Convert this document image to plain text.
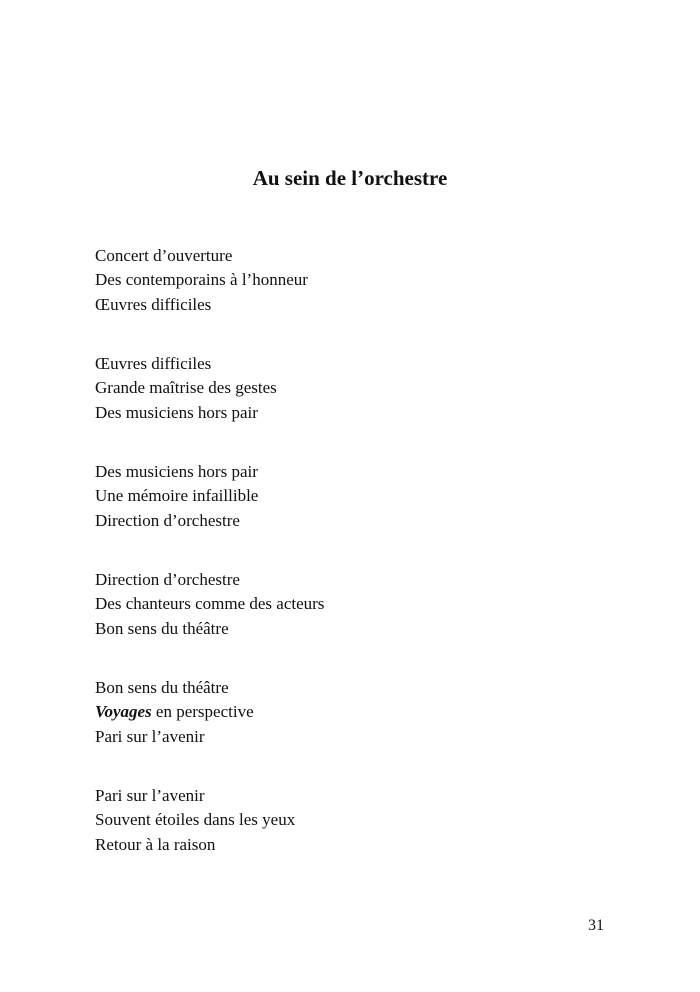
Au sein de l’orchestre
Concert d’ouverture
Des contemporains à l’honneur
Œuvres difficiles
Œuvres difficiles
Grande maîtrise des gestes
Des musiciens hors pair
Des musiciens hors pair
Une mémoire infaillible
Direction d’orchestre
Direction d’orchestre
Des chanteurs comme des acteurs
Bon sens du théâtre
Bon sens du théâtre
Voyages en perspective
Pari sur l’avenir
Pari sur l’avenir
Souvent étoiles dans les yeux
Retour à la raison
31
